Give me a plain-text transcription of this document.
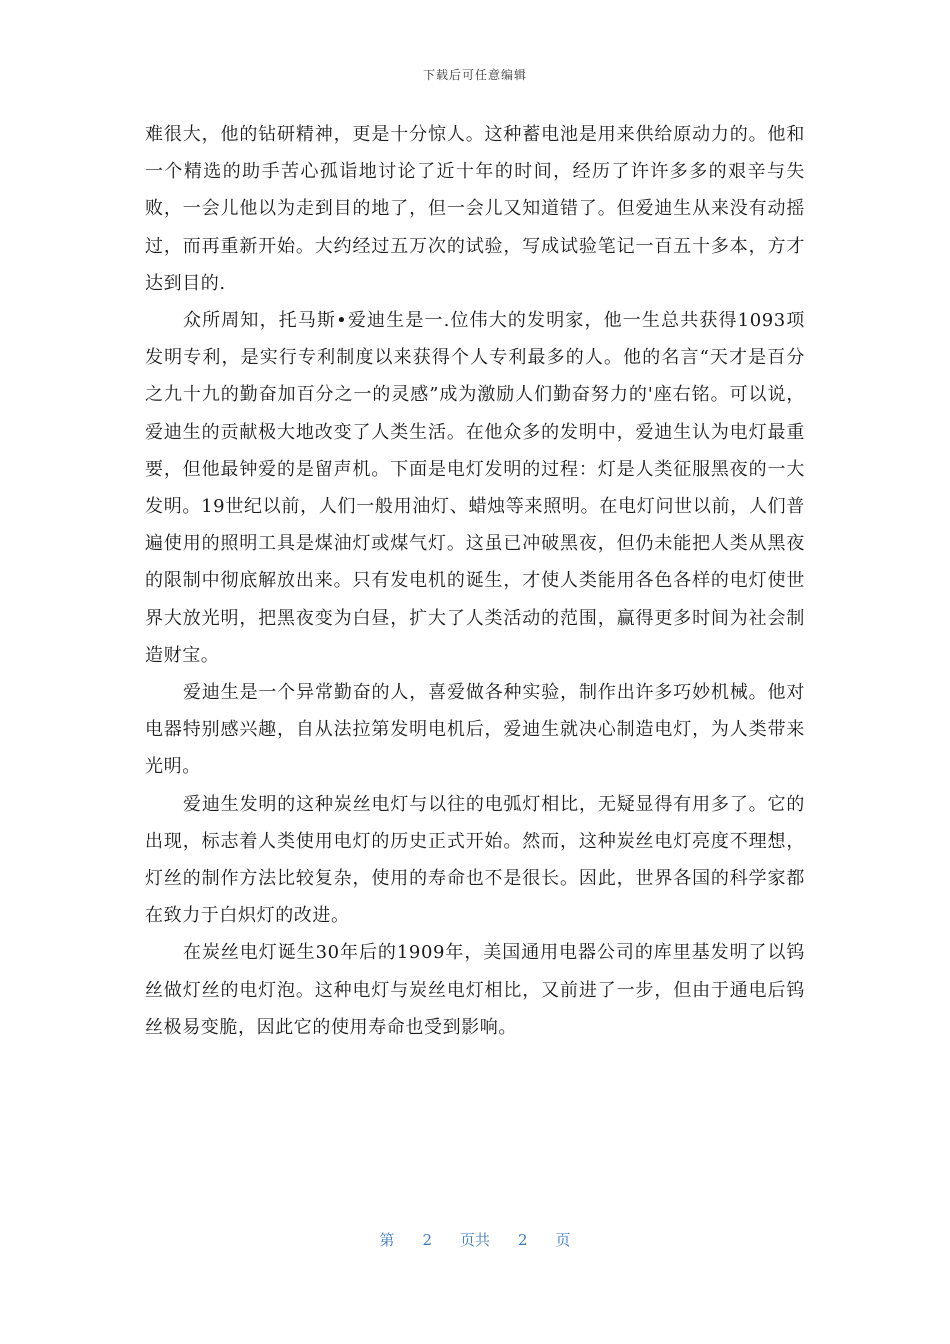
下载后可任意编辑

难很大，他的钻研精神，更是十分惊人。这种蓄电池是用来供给原动力的。他和一个精选的助手苦心孤诣地讨论了近十年的时间，经历了许许多多的艰辛与失败，一会儿他以为走到目的地了，但一会儿又知道错了。但爱迪生从来没有动摇过，而再重新开始。大约经过五万次的试验，写成试验笔记一百五十多本，方才达到目的.

众所周知，托马斯•爱迪生是一.位伟大的发明家，他一生总共获得1093项发明专利，是实行专利制度以来获得个人专利最多的人。他的名言“天才是百分之九十九的勤奋加百分之一的灵感”成为激励人们勤奋努力的'座右铭。可以说，爱迪生的贡献极大地改变了人类生活。在他众多的发明中，爱迪生认为电灯最重要，但他最钟爱的是留声机。下面是电灯发明的过程：灯是人类征服黑夜的一大发明。19世纪以前，人们一般用油灯、蜡烛等来照明。在电灯问世以前，人们普遍使用的照明工具是煤油灯或煤气灯。这虽已冲破黑夜，但仍未能把人类从黑夜的限制中彻底解放出来。只有发电机的诞生，才使人类能用各色各样的电灯使世界大放光明，把黑夜变为白昼，扩大了人类活动的范围，赢得更多时间为社会制造财宝。

爱迪生是一个异常勤奋的人，喜爱做各种实验，制作出许多巧妙机械。他对电器特别感兴趣，自从法拉第发明电机后，爱迪生就决心制造电灯，为人类带来光明。

爱迪生发明的这种炭丝电灯与以往的电弧灯相比，无疑显得有用多了。它的出现，标志着人类使用电灯的历史正式开始。然而，这种炭丝电灯亮度不理想，灯丝的制作方法比较复杂，使用的寿命也不是很长。因此，世界各国的科学家都在致力于白炽灯的改进。

在炭丝电灯诞生30年后的1909年，美国通用电器公司的库里基发明了以钨丝做灯丝的电灯泡。这种电灯与炭丝电灯相比，又前进了一步，但由于通电后钨丝极易变脆，因此它的使用寿命也受到影响。

第 2 页共 2 页
